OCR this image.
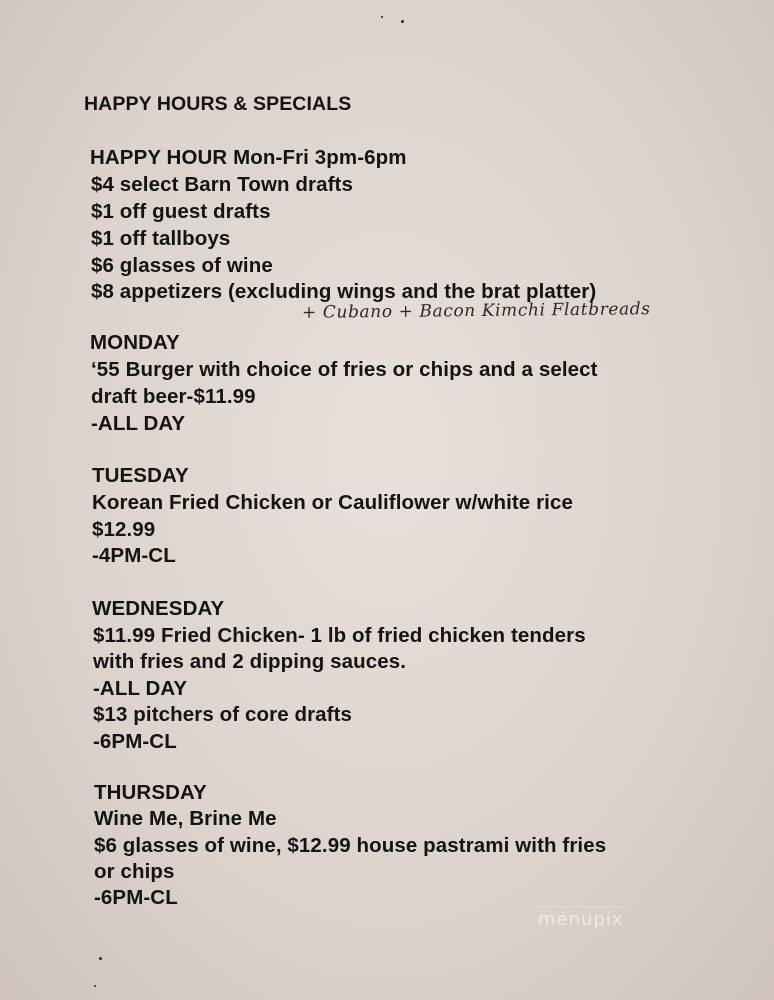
HAPPY HOURS & SPECIALS
HAPPY HOUR Mon-Fri 3pm-6pm
$4 select Barn Town drafts
$1 off guest drafts
$1 off tallboys
$6 glasses of wine
$8 appetizers (excluding wings and the brat platter)
+ Cubano + Bacon Kimchi Flatbreads
MONDAY
‘55 Burger with choice of fries or chips and a select
draft beer-$11.99
-ALL DAY
TUESDAY
Korean Fried Chicken or Cauliflower w/white rice
$12.99
-4PM-CL
WEDNESDAY
$11.99 Fried Chicken- 1 lb of fried chicken tenders
with fries and 2 dipping sauces.
-ALL DAY
$13 pitchers of core drafts
-6PM-CL
THURSDAY
Wine Me, Brine Me
$6 glasses of wine, $12.99 house pastrami with fries
or chips
-6PM-CL
menupix
